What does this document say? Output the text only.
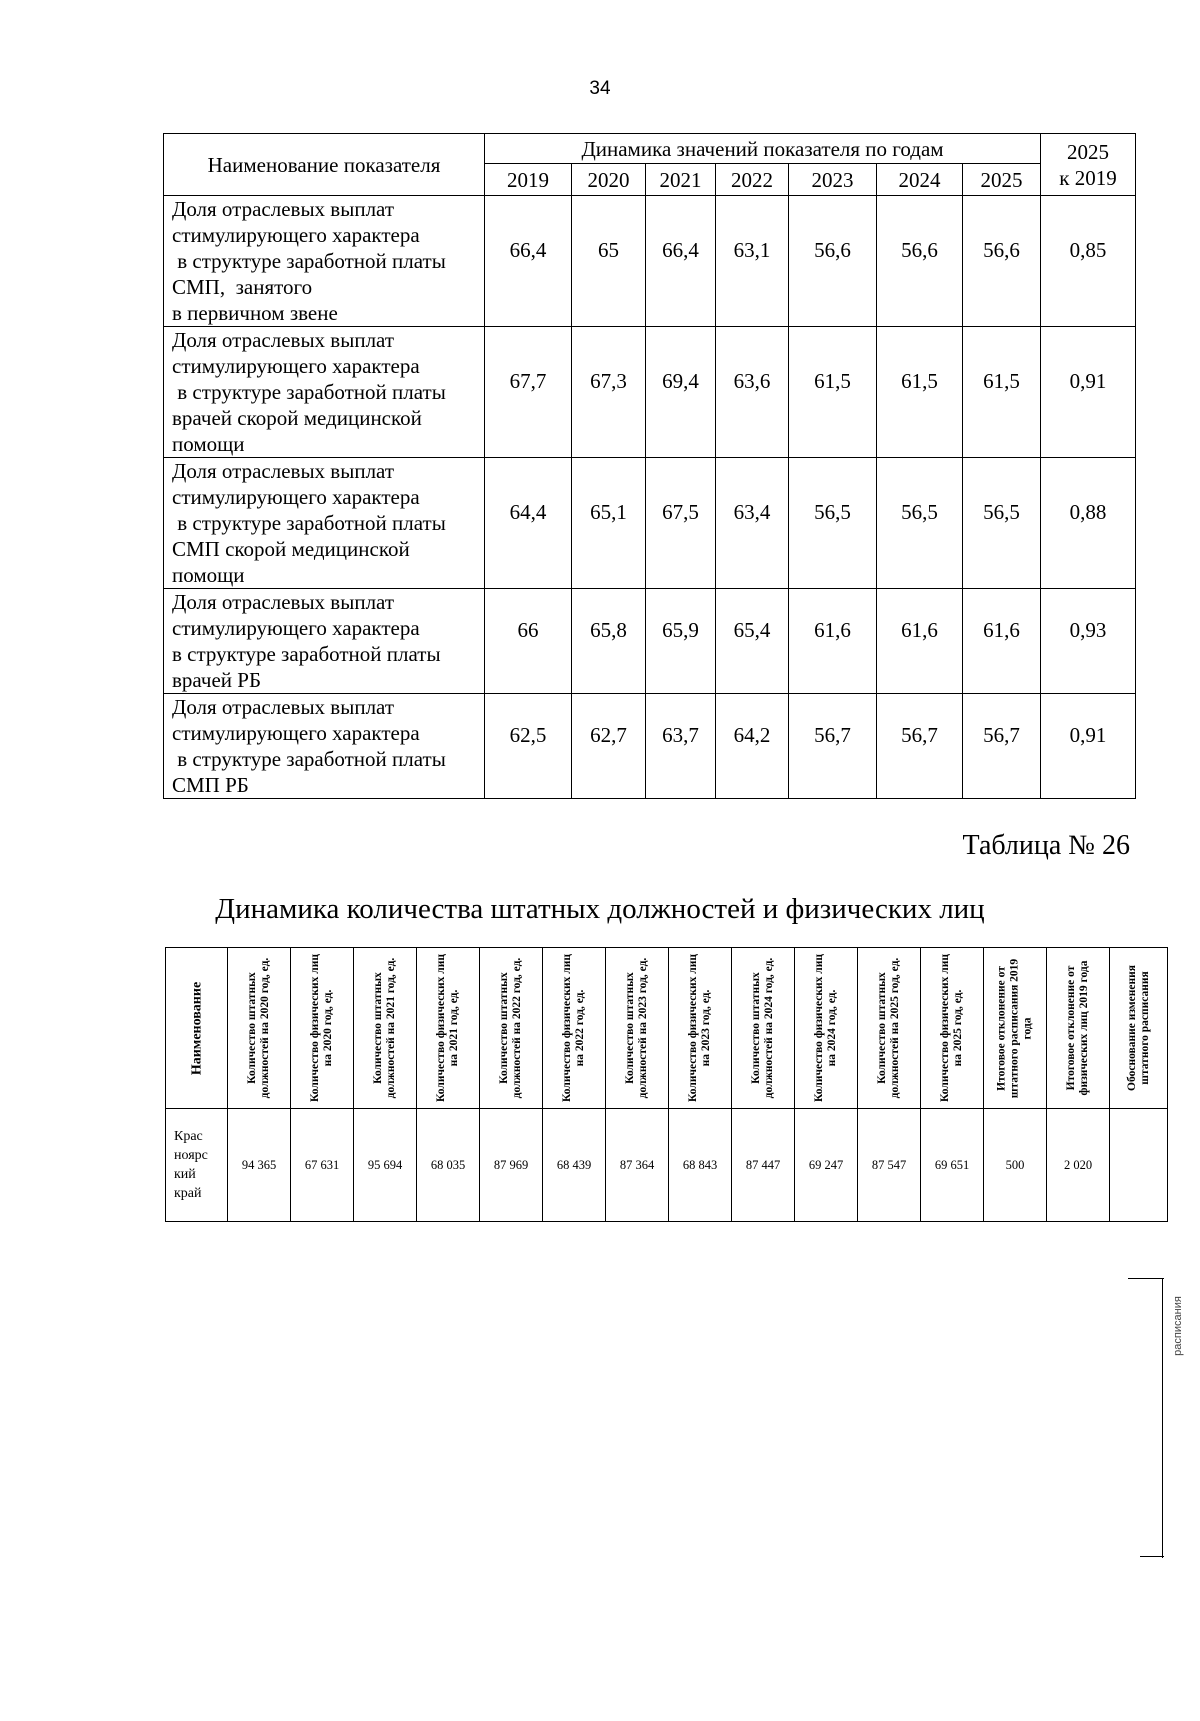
34
Наименование показателя	Динамика значений показателя по годам							2025
к 2019

	2019	2020	2021	2022	2023	2024	2025	

Доля отраслевых выплат
стимулирующего характера
в структуре заработной платы
СМП,  занятого
в первичном звене	66,4	65	66,4	63,1	56,6	56,6	56,6	0,85

Доля отраслевых выплат
стимулирующего характера
в структуре заработной платы
врачей скорой медицинской
помощи	67,7	67,3	69,4	63,6	61,5	61,5	61,5	0,91

Доля отраслевых выплат
стимулирующего характера
в структуре заработной платы
СМП скорой медицинской
помощи	64,4	65,1	67,5	63,4	56,5	56,5	56,5	0,88

Доля отраслевых выплат
стимулирующего характера
в структуре заработной платы
врачей РБ	66	65,8	65,9	65,4	61,6	61,6	61,6	0,93

Доля отраслевых выплат
стимулирующего характера
в структуре заработной платы
СМП РБ	62,5	62,7	63,7	64,2	56,7	56,7	56,7	0,91
Таблица № 26
Динамика количества штатных должностей и физических лиц
Наименование	Количество штатных должностей на 2020 год, ед.	Количество физических лиц на 2020 год, ед.	Количество штатных должностей на 2021 год, ед.	Количество физических лиц на 2021 год, ед.	Количество штатных должностей на 2022 год, ед.	Количество физических лиц на 2022 год, ед.	Количество штатных должностей на 2023 год, ед.	Количество физических лиц на 2023 год, ед.	Количество штатных должностей на 2024 год, ед.	Количество физических лиц на 2024 год, ед.	Количество штатных должностей на 2025 год, ед.	Количество физических лиц на 2025 год, ед.	Итоговое отклонение от штатного расписания 2019 года	Итоговое отклонение от физических лиц 2019 года	Обоснование изменения штатного расписания

Крас
ноярс
кий
край	94 365	67 631	95 694	68 035	87 969	68 439	87 364	68 843	87 447	69 247	87 547	69 651	500	2 020	
расписания
